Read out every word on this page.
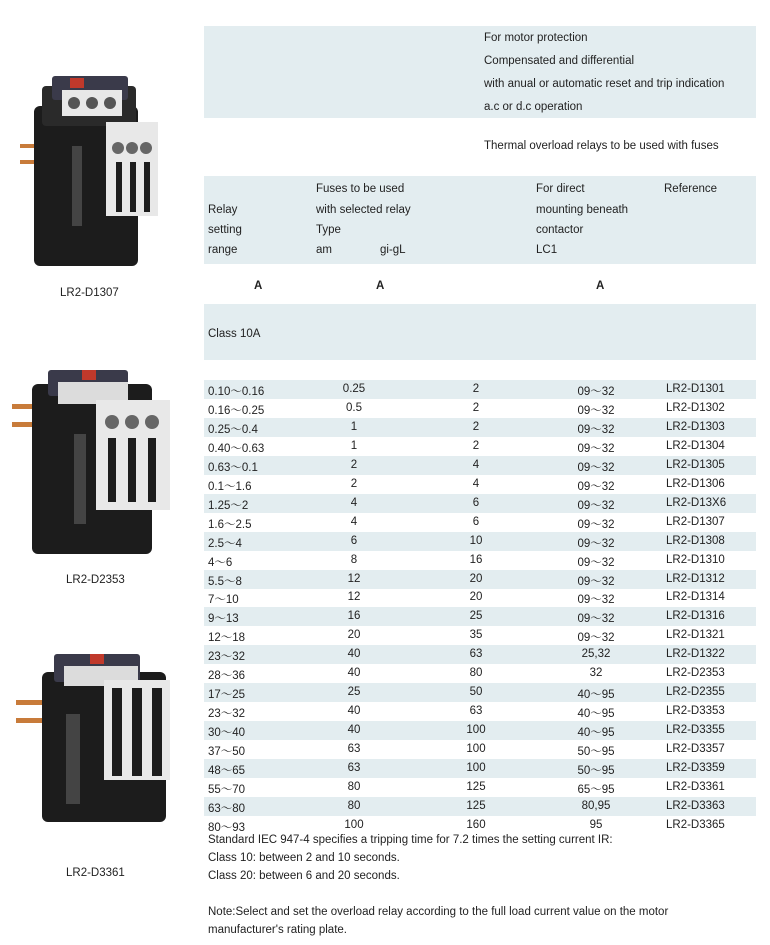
LR2-D1307
LR2-D2353
LR2-D3361
For motor protection
Compensated and differential
with anual or automatic reset and trip indication
a.c or d.c operation
Thermal overload relays to be used with fuses
Relay
setting
range
Fuses to be used
with selected relay
Type
am	gi-gL
For direct
mounting beneath
contactor
LC1
Reference
A	A	A
Class 10A
0.10～0.16	0.25	2	09～32	LR2-D1301
0.16～0.25	0.5	2	09～32	LR2-D1302
0.25～0.4	1	2	09～32	LR2-D1303
0.40～0.63	1	2	09～32	LR2-D1304
0.63～0.1	2	4	09～32	LR2-D1305
0.1～1.6	2	4	09～32	LR2-D1306
1.25～2	4	6	09～32	LR2-D13X6
1.6～2.5	4	6	09～32	LR2-D1307
2.5～4	6	10	09～32	LR2-D1308
4～6	8	16	09～32	LR2-D1310
5.5～8	12	20	09～32	LR2-D1312
7～10	12	20	09～32	LR2-D1314
9～13	16	25	09～32	LR2-D1316
12～18	20	35	09～32	LR2-D1321
23～32	40	63	25,32	LR2-D1322
28～36	40	80	32	LR2-D2353
17～25	25	50	40～95	LR2-D2355
23～32	40	63	40～95	LR2-D3353
30～40	40	100	40～95	LR2-D3355
37～50	63	100	50～95	LR2-D3357
48～65	63	100	50～95	LR2-D3359
55～70	80	125	65～95	LR2-D3361
63～80	80	125	80,95	LR2-D3363
80～93	100	160	95	LR2-D3365
Standard IEC 947-4 specifies a tripping time for 7.2 times the setting current IR:
Class 10: between 2 and 10 seconds.
Class 20: between 6 and 20 seconds.
Note:Select and set the overload relay according to the full load current value on the motor
manufacturer's rating plate.
